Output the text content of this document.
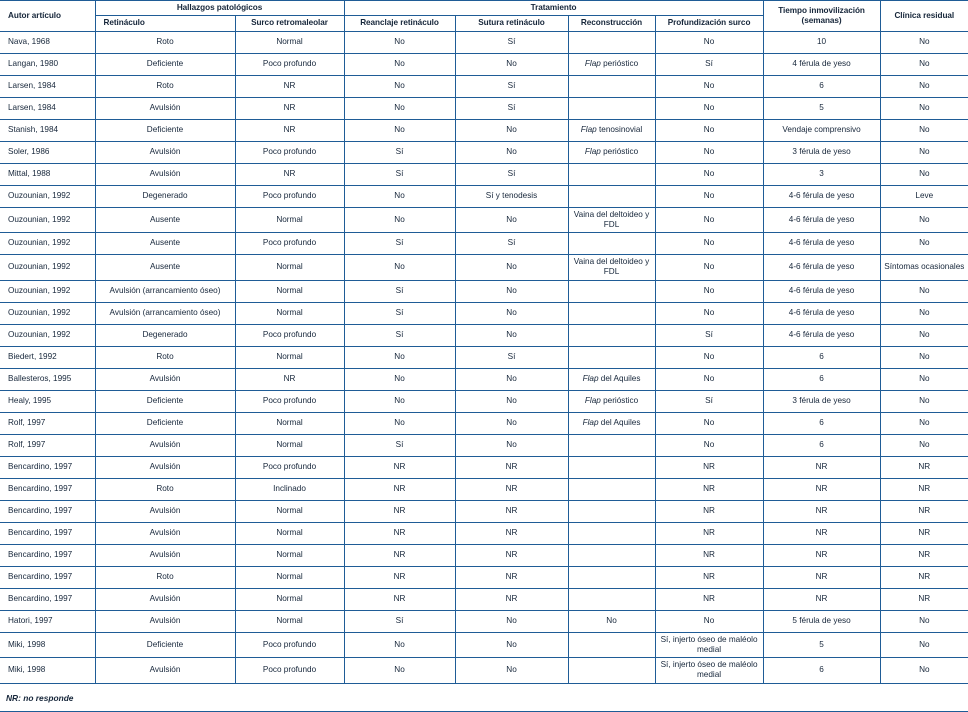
Autor artículo	Hallazgos patológicos		Tratamiento				Tiempo inmovilización
(semanas)	Clínica residual
	Retináculo	Surco retromaleolar	Reanclaje retináculo	Sutura retináculo	Reconstrucción	Profundización surco		
Nava, 1968	Roto	Normal	No	Sí		No	10	No
Langan, 1980	Deficiente	Poco profundo	No	No	Flap perióstico	Sí	4 férula de yeso	No
Larsen, 1984	Roto	NR	No	Sí		No	6	No
Larsen, 1984	Avulsión	NR	No	Sí		No	5	No
Stanish, 1984	Deficiente	NR	No	No	Flap tenosinovial	No	Vendaje comprensivo	No
Soler, 1986	Avulsión	Poco profundo	Sí	No	Flap perióstico	No	3 férula de yeso	No
Mittal, 1988	Avulsión	NR	Sí	Sí		No	3	No
Ouzounian, 1992	Degenerado	Poco profundo	No	Sí y tenodesis		No	4-6 férula de yeso	Leve
Ouzounian, 1992	Ausente	Normal	No	No	Vaina del deltoideo y FDL	No	4-6 férula de yeso	No
Ouzounian, 1992	Ausente	Poco profundo	Sí	Sí		No	4-6 férula de yeso	No
Ouzounian, 1992	Ausente	Normal	No	No	Vaina del deltoideo y FDL	No	4-6 férula de yeso	Síntomas ocasionales
Ouzounian, 1992	Avulsión (arrancamiento óseo)	Normal	Sí	No		No	4-6 férula de yeso	No
Ouzounian, 1992	Avulsión (arrancamiento óseo)	Normal	Sí	No		No	4-6 férula de yeso	No
Ouzounian, 1992	Degenerado	Poco profundo	Sí	No		Sí	4-6 férula de yeso	No
Biedert, 1992	Roto	Normal	No	Sí		No	6	No
Ballesteros, 1995	Avulsión	NR	No	No	Flap del Aquiles	No	6	No
Healy, 1995	Deficiente	Poco profundo	No	No	Flap perióstico	Sí	3 férula de yeso	No
Rolf, 1997	Deficiente	Normal	No	No	Flap del Aquiles	No	6	No
Rolf, 1997	Avulsión	Normal	Sí	No		No	6	No
Bencardino, 1997	Avulsión	Poco profundo	NR	NR		NR	NR	NR
Bencardino, 1997	Roto	Inclinado	NR	NR		NR	NR	NR
Bencardino, 1997	Avulsión	Normal	NR	NR		NR	NR	NR
Bencardino, 1997	Avulsión	Normal	NR	NR		NR	NR	NR
Bencardino, 1997	Avulsión	Normal	NR	NR		NR	NR	NR
Bencardino, 1997	Roto	Normal	NR	NR		NR	NR	NR
Bencardino, 1997	Avulsión	Normal	NR	NR		NR	NR	NR
Hatori, 1997	Avulsión	Normal	Sí	No	No	No	5 férula de yeso	No
Miki, 1998	Deficiente	Poco profundo	No	No		Sí, injerto óseo de maléolo medial	5	No
Miki, 1998	Avulsión	Poco profundo	No	No		Sí, injerto óseo de maléolo medial	6	No
NR: no responde
